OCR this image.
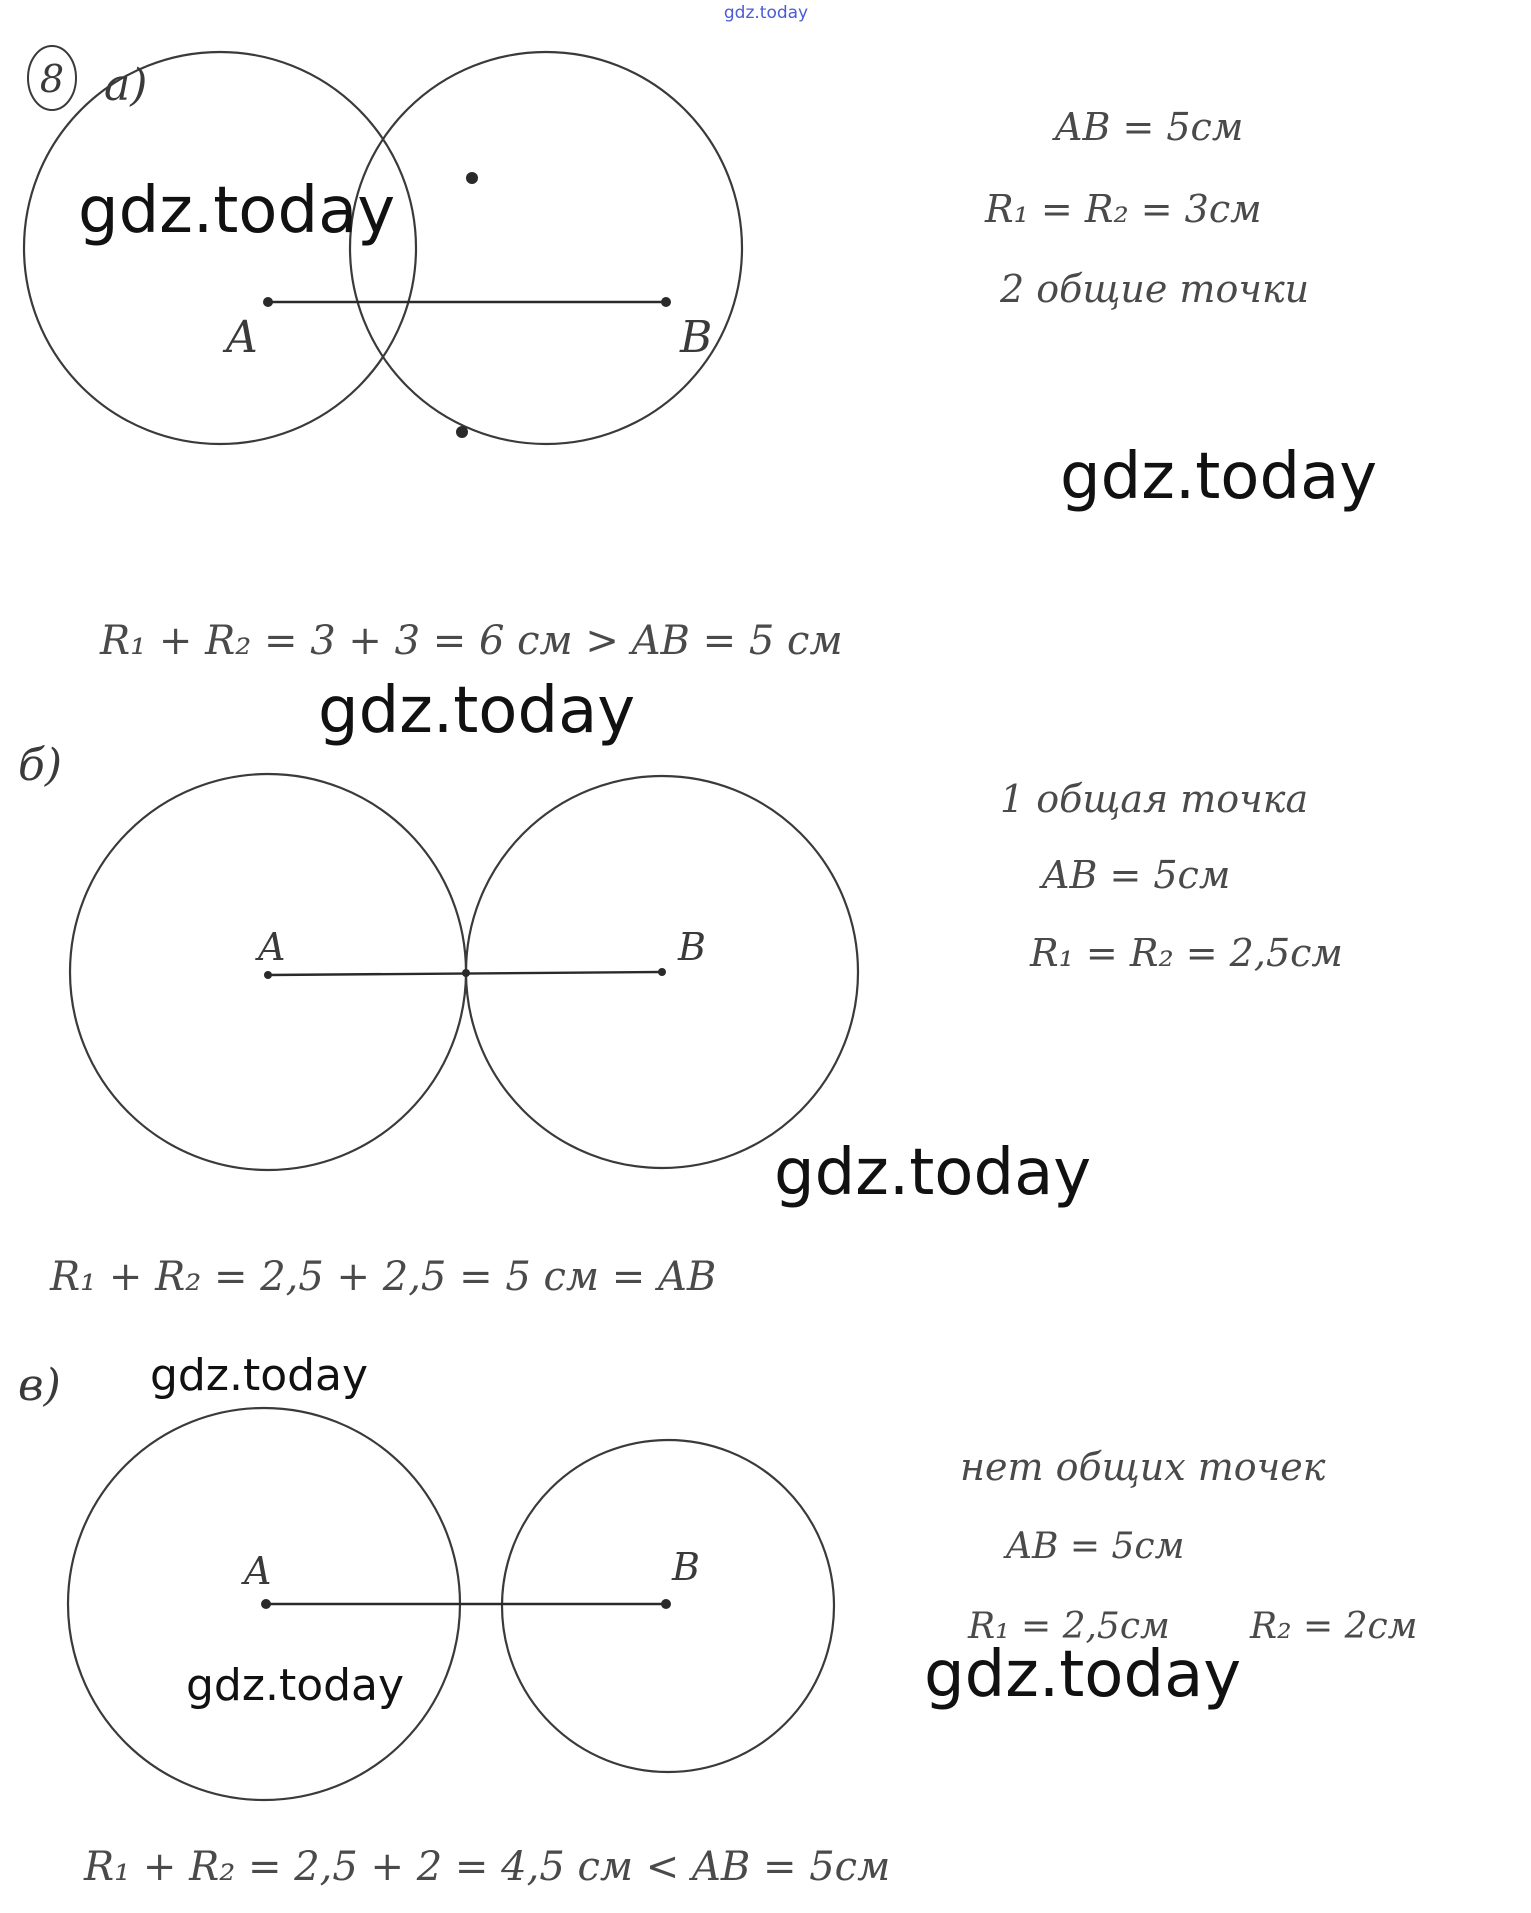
gdz.today
8 а)
A	B
AB = 5см
R₁ = R₂ = 3см
2 общие точки
R₁ + R₂ = 3 + 3 = 6 см > AB = 5 см
б)
A	B
1 общая точка
AB = 5см
R₁ = R₂ = 2,5см
R₁ + R₂ = 2,5 + 2,5 = 5 см = AB
в)
A	B
нет общих точек
AB = 5см
R₁ = 2,5см R₂ = 2см
R₁ + R₂ = 2,5 + 2 = 4,5 см < AB = 5см
gdz.today
gdz.today
gdz.today
gdz.today
gdz.today
gdz.today	gdz.today
